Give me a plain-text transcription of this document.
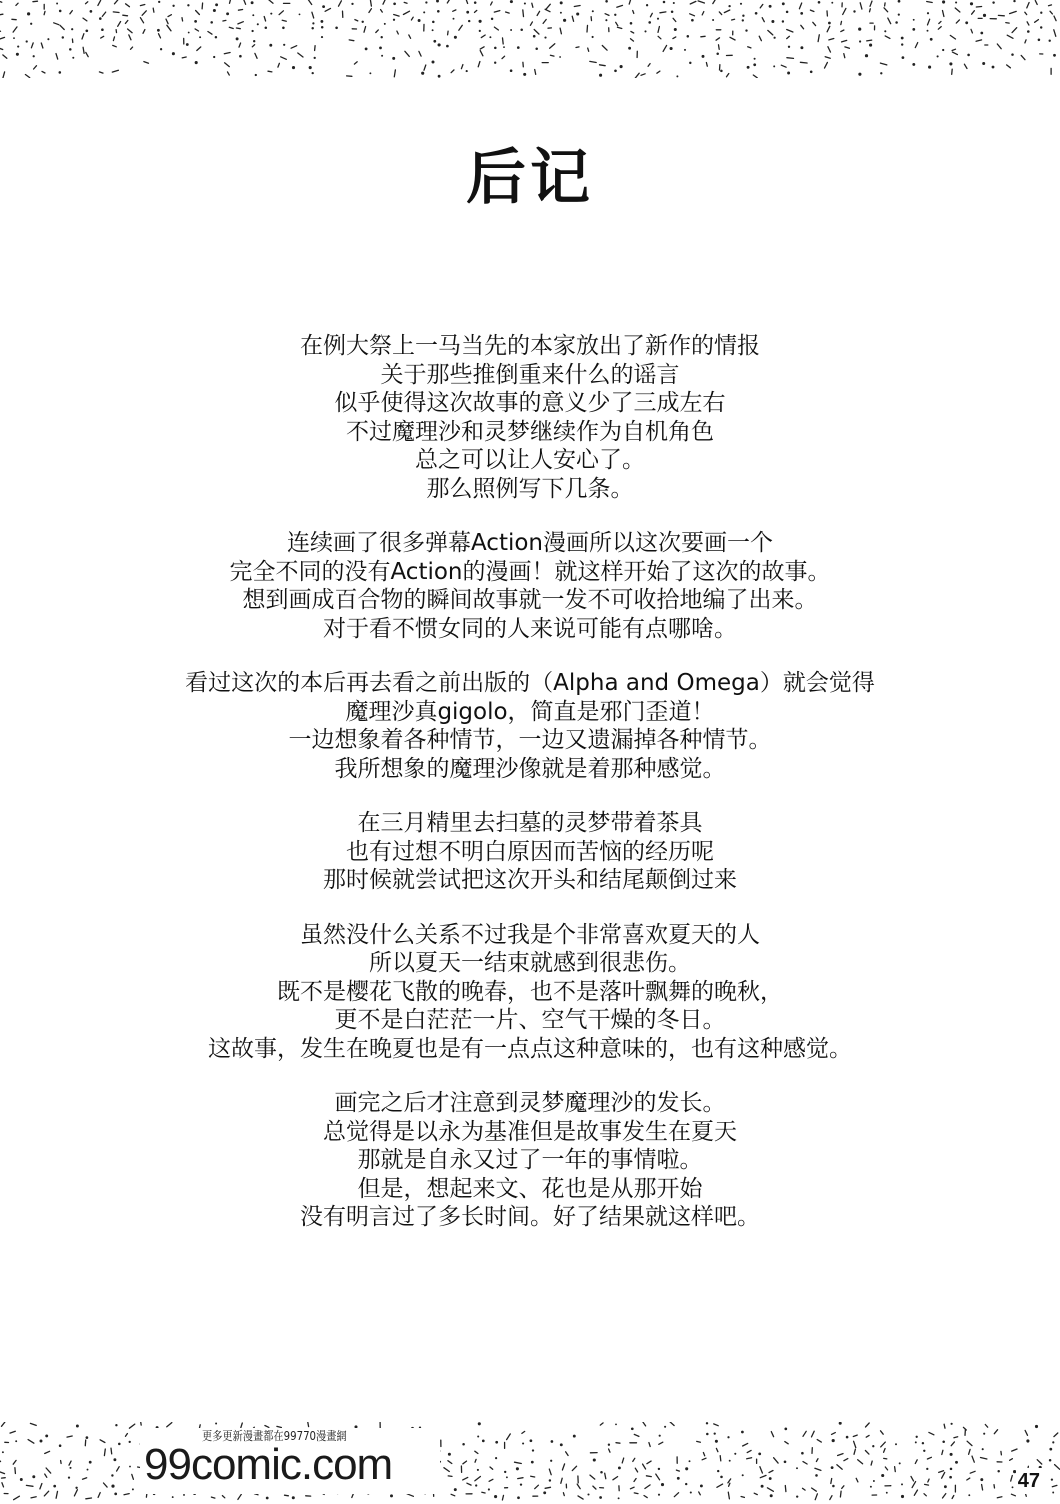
后记
在例大祭上一马当先的本家放出了新作的情报
关于那些推倒重来什么的谣言
似乎使得这次故事的意义少了三成左右
不过魔理沙和灵梦继续作为自机角色
总之可以让人安心了。
那么照例写下几条。
连续画了很多弹幕Action漫画所以这次要画一个
完全不同的没有Action的漫画！就这样开始了这次的故事。
想到画成百合物的瞬间故事就一发不可收拾地编了出来。
对于看不惯女同的人来说可能有点哪啥。
看过这次的本后再去看之前出版的（Alpha and Omega）就会觉得
魔理沙真gigolo，简直是邪门歪道！
一边想象着各种情节，一边又遗漏掉各种情节。
我所想象的魔理沙像就是着那种感觉。
在三月精里去扫墓的灵梦带着茶具
也有过想不明白原因而苦恼的经历呢
那时候就尝试把这次开头和结尾颠倒过来
虽然没什么关系不过我是个非常喜欢夏天的人
所以夏天一结束就感到很悲伤。
既不是樱花飞散的晚春，也不是落叶飘舞的晚秋，
更不是白茫茫一片、空气干燥的冬日。
这故事，发生在晚夏也是有一点点这种意味的，也有这种感觉。
画完之后才注意到灵梦魔理沙的发长。
总觉得是以永为基准但是故事发生在夏天
那就是自永又过了一年的事情啦。
但是，想起来文、花也是从那开始
没有明言过了多长时间。好了结果就这样吧。
更多更新漫畫都在99770漫畫網
99comic.com	47
